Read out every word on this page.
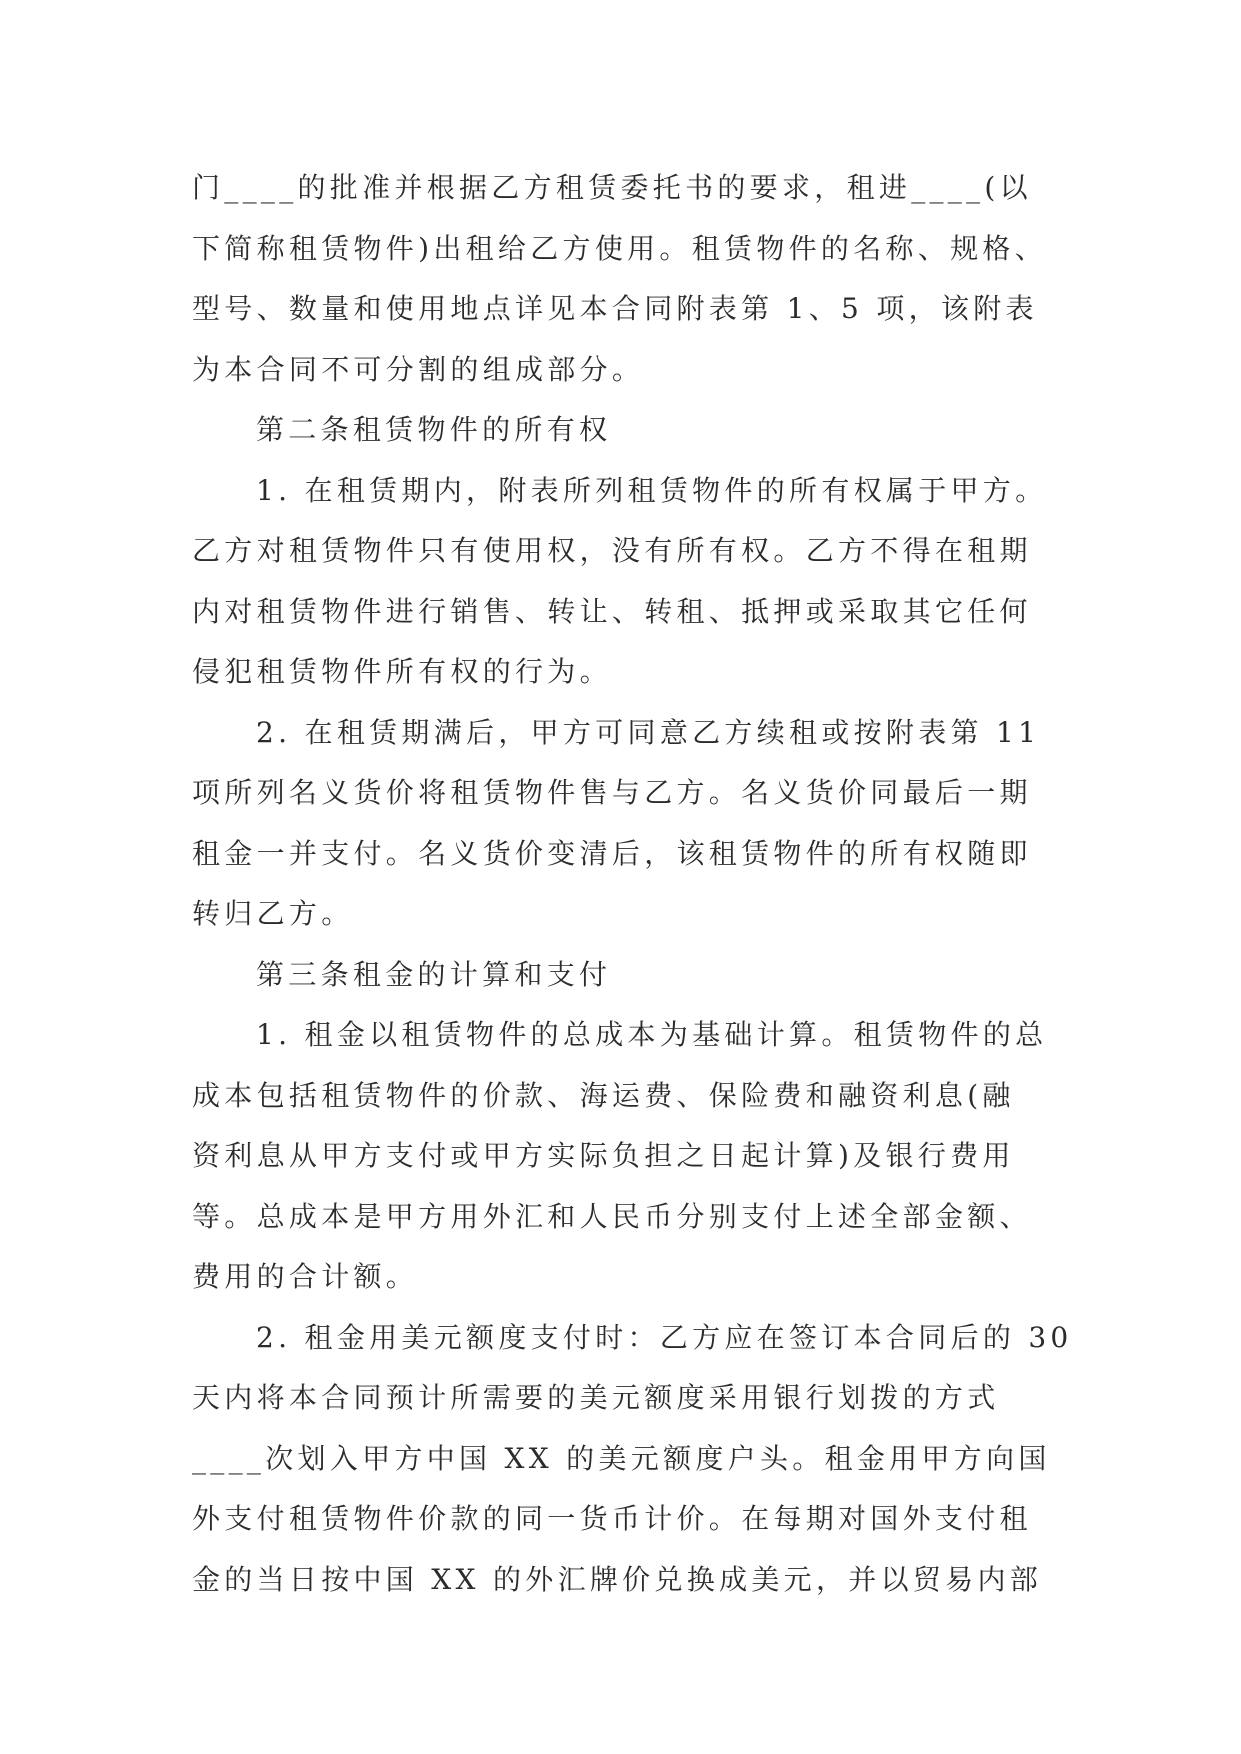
门____的批准并根据乙方租赁委托书的要求，租进____(以
下简称租赁物件)出租给乙方使用。租赁物件的名称、规格、
型号、数量和使用地点详见本合同附表第 1、5 项，该附表
为本合同不可分割的组成部分。
第二条租赁物件的所有权
1. 在租赁期内，附表所列租赁物件的所有权属于甲方。
乙方对租赁物件只有使用权，没有所有权。乙方不得在租期
内对租赁物件进行销售、转让、转租、抵押或采取其它任何
侵犯租赁物件所有权的行为。
2. 在租赁期满后，甲方可同意乙方续租或按附表第 11
项所列名义货价将租赁物件售与乙方。名义货价同最后一期
租金一并支付。名义货价变清后，该租赁物件的所有权随即
转归乙方。
第三条租金的计算和支付
1. 租金以租赁物件的总成本为基础计算。租赁物件的总
成本包括租赁物件的价款、海运费、保险费和融资利息(融
资利息从甲方支付或甲方实际负担之日起计算)及银行费用
等。总成本是甲方用外汇和人民币分别支付上述全部金额、
费用的合计额。
2. 租金用美元额度支付时：乙方应在签订本合同后的 30
天内将本合同预计所需要的美元额度采用银行划拨的方式
____次划入甲方中国 XX 的美元额度户头。租金用甲方向国
外支付租赁物件价款的同一货币计价。在每期对国外支付租
金的当日按中国 XX 的外汇牌价兑换成美元，并以贸易内部
